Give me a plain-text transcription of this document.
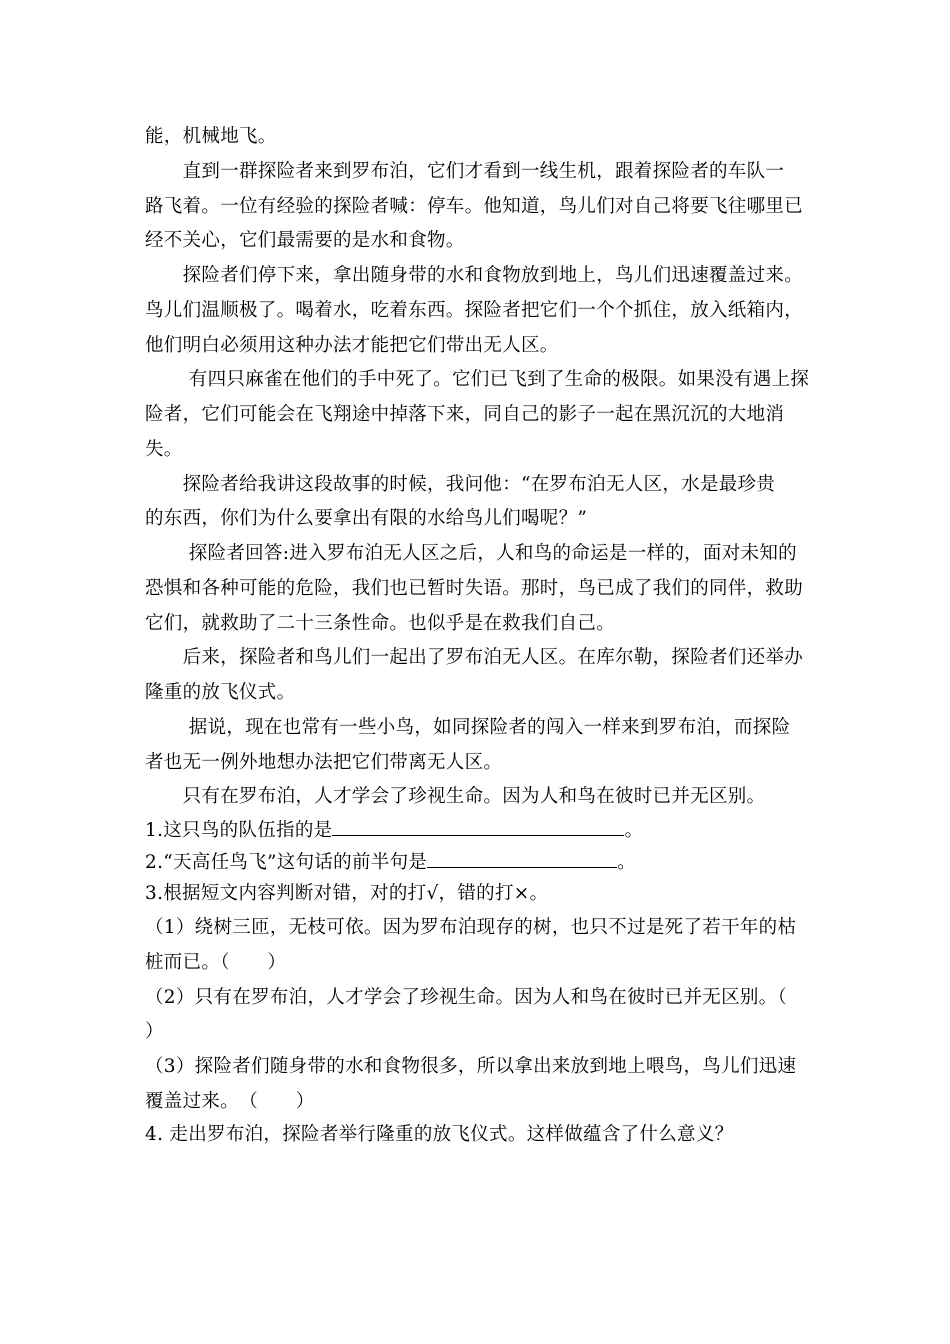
能，机械地飞。
　　直到一群探险者来到罗布泊，它们才看到一线生机，跟着探险者的车队一
路飞着。一位有经验的探险者喊：停车。他知道，鸟儿们对自己将要飞往哪里已
经不关心，它们最需要的是水和食物。
　　探险者们停下来，拿出随身带的水和食物放到地上，鸟儿们迅速覆盖过来。
鸟儿们温顺极了。喝着水，吃着东西。探险者把它们一个个抓住，放入纸箱内，
他们明白必须用这种办法才能把它们带出无人区。
　　 有四只麻雀在他们的手中死了。它们已飞到了生命的极限。如果没有遇上探
险者，它们可能会在飞翔途中掉落下来，同自己的影子一起在黑沉沉的大地消
失。
　　探险者给我讲这段故事的时候，我问他：“在罗布泊无人区，水是最珍贵
的东西，你们为什么要拿出有限的水给鸟儿们喝呢？”
　　 探险者回答:进入罗布泊无人区之后，人和鸟的命运是一样的，面对未知的
恐惧和各种可能的危险，我们也已暂时失语。那时，鸟已成了我们的同伴，救助
它们，就救助了二十三条性命。也似乎是在救我们自己。
　　后来，探险者和鸟儿们一起出了罗布泊无人区。在库尔勒，探险者们还举办
隆重的放飞仪式。
　　 据说，现在也常有一些小鸟，如同探险者的闯入一样来到罗布泊，而探险
者也无一例外地想办法把它们带离无人区。
　　只有在罗布泊，人才学会了珍视生命。因为人和鸟在彼时已并无区别。
1.这只鸟的队伍指的是	。
2.“天高任鸟飞”这句话的前半句是	。
3.根据短文内容判断对错，对的打√，错的打×。
（1）绕树三匝，无枝可依。因为罗布泊现存的树，也只不过是死了若干年的枯
桩而已。（　　）
（2）只有在罗布泊，人才学会了珍视生命。因为人和鸟在彼时已并无区别。（
）
（3）探险者们随身带的水和食物很多，所以拿出来放到地上喂鸟，鸟儿们迅速
覆盖过来。　（　　）
4. 走出罗布泊，探险者举行隆重的放飞仪式。这样做蕴含了什么意义？
